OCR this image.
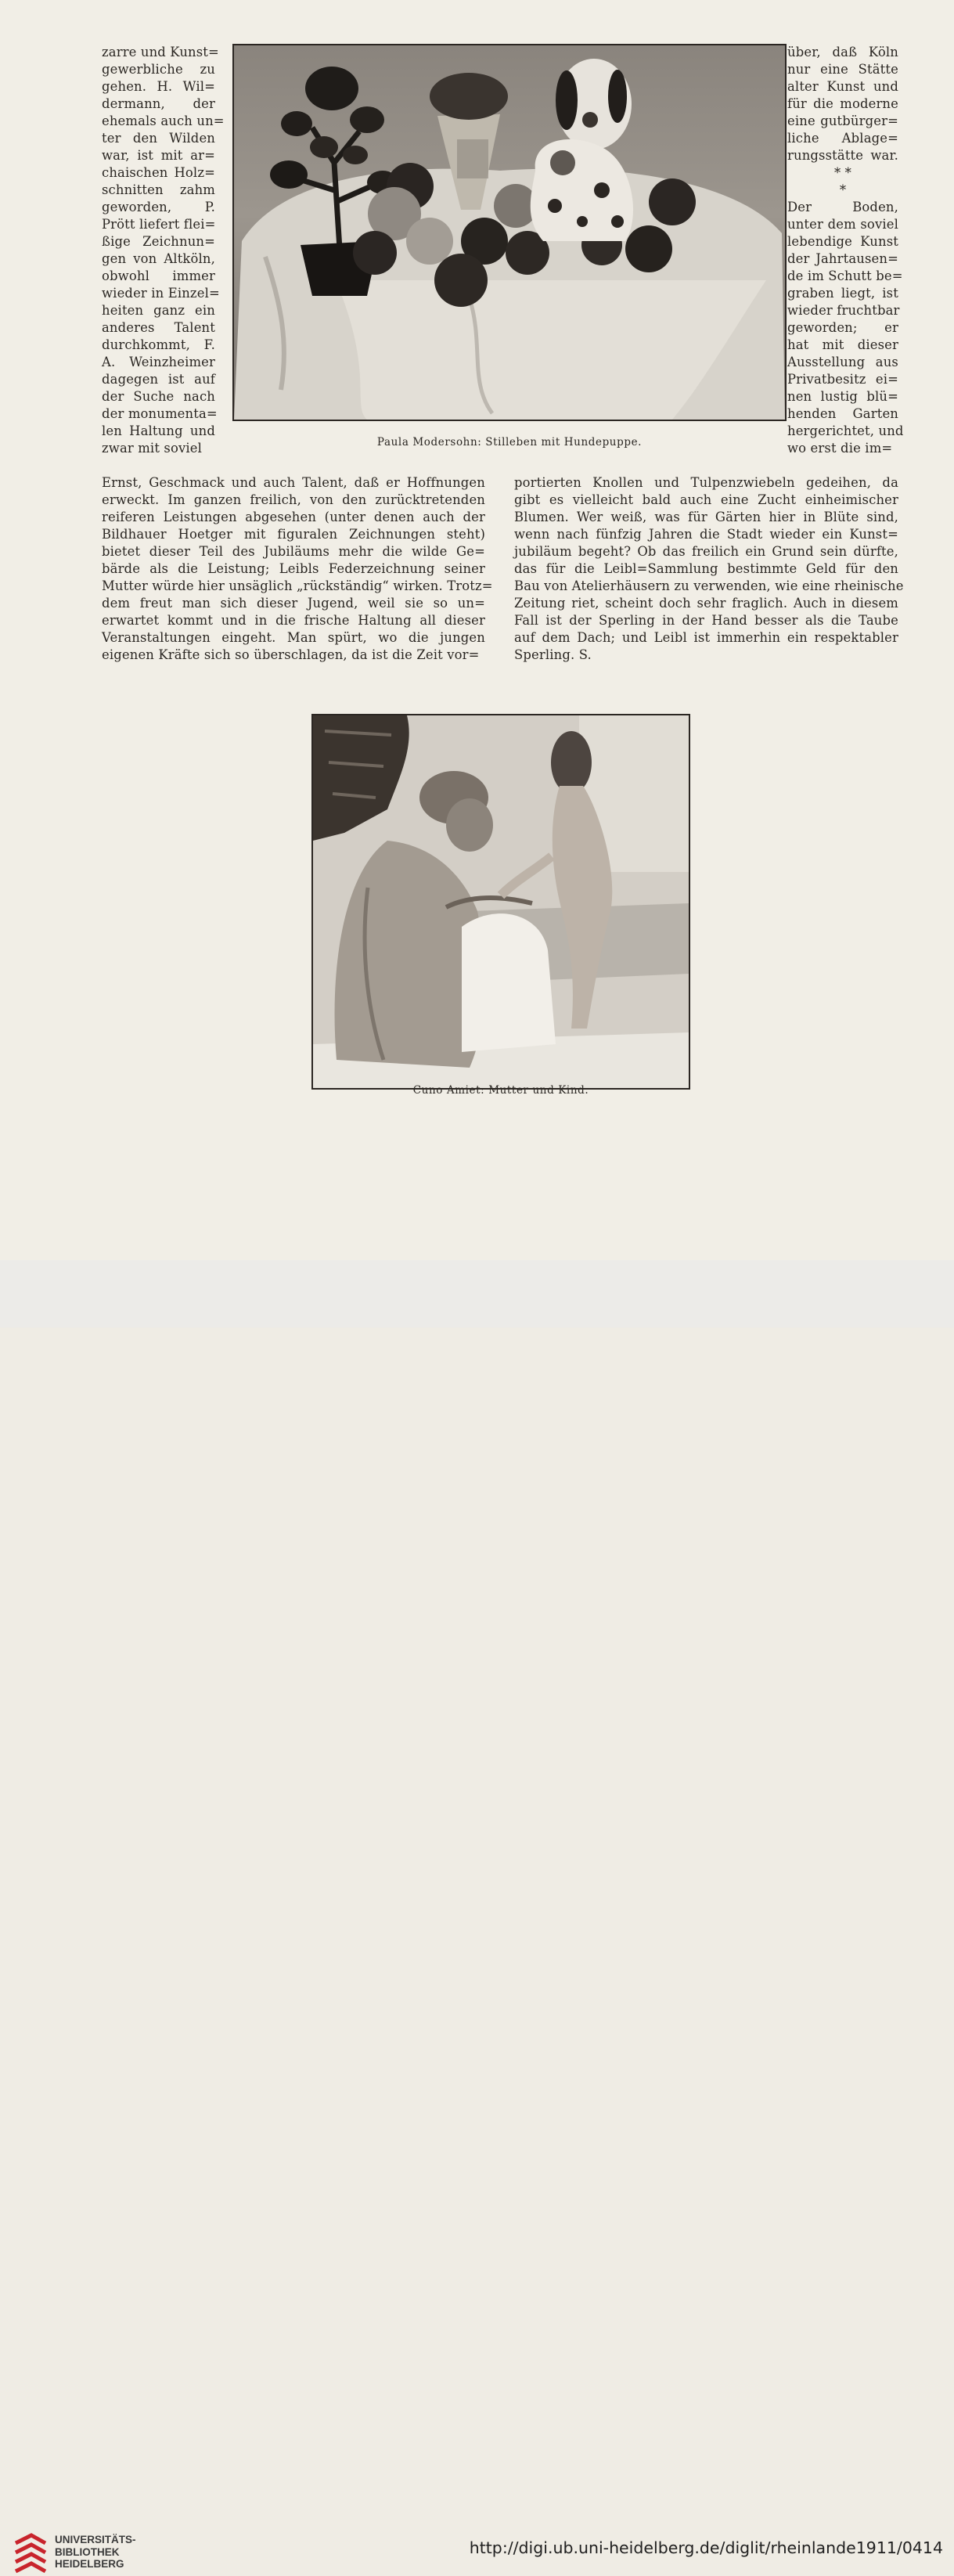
zarre und Kunst=
gewerbliche zu
gehen. H. Wil=
dermann, der
ehemals auch un=
ter den Wilden
war, ist mit ar=
chaischen Holz=
schnitten zahm
geworden, P.
Prött liefert flei=
ßige Zeichnun=
gen von Altköln,
obwohl immer
wieder in Einzel=
heiten ganz ein
anderes Talent
durchkommt, F.
A. Weinzheimer
dagegen ist auf
der Suche nach
der monumenta=
len Haltung und
zwar mit soviel
über, daß Köln
nur eine Stätte
alter Kunst und
für die moderne
eine gutbürger=
liche Ablage=
rungsstätte war.
* *
*
Der Boden,
unter dem soviel
lebendige Kunst
der Jahrtausen=
de im Schutt be=
graben liegt, ist
wieder fruchtbar
geworden; er
hat mit dieser
Ausstellung aus
Privatbesitz ei=
nen lustig blü=
henden Garten
hergerichtet, und
wo erst die im=
Paula Modersohn: Stilleben mit Hundepuppe.
Ernst, Geschmack und auch Talent, daß er Hoffnungen
erweckt. Im ganzen freilich, von den zurücktretenden
reiferen Leistungen abgesehen (unter denen auch der
Bildhauer Hoetger mit figuralen Zeichnungen steht)
bietet dieser Teil des Jubiläums mehr die wilde Ge=
bärde als die Leistung; Leibls Federzeichnung seiner
Mutter würde hier unsäglich „rückständig“ wirken. Trotz=
dem freut man sich dieser Jugend, weil sie so un=
erwartet kommt und in die frische Haltung all dieser
Veranstaltungen eingeht. Man spürt, wo die jungen
eigenen Kräfte sich so überschlagen, da ist die Zeit vor=
portierten Knollen und Tulpenzwiebeln gedeihen, da
gibt es vielleicht bald auch eine Zucht einheimischer
Blumen. Wer weiß, was für Gärten hier in Blüte sind,
wenn nach fünfzig Jahren die Stadt wieder ein Kunst=
jubiläum begeht? Ob das freilich ein Grund sein dürfte,
das für die Leibl=Sammlung bestimmte Geld für den
Bau von Atelierhäusern zu verwenden, wie eine rheinische
Zeitung riet, scheint doch sehr fraglich. Auch in diesem
Fall ist der Sperling in der Hand besser als die Taube
auf dem Dach; und Leibl ist immerhin ein respektabler
Sperling. S.
Cuno Amiet: Mutter und Kind.
UNIVERSITÄTS-
BIBLIOTHEK
HEIDELBERG
http://digi.ub.uni-heidelberg.de/diglit/rheinlande1911/0414
